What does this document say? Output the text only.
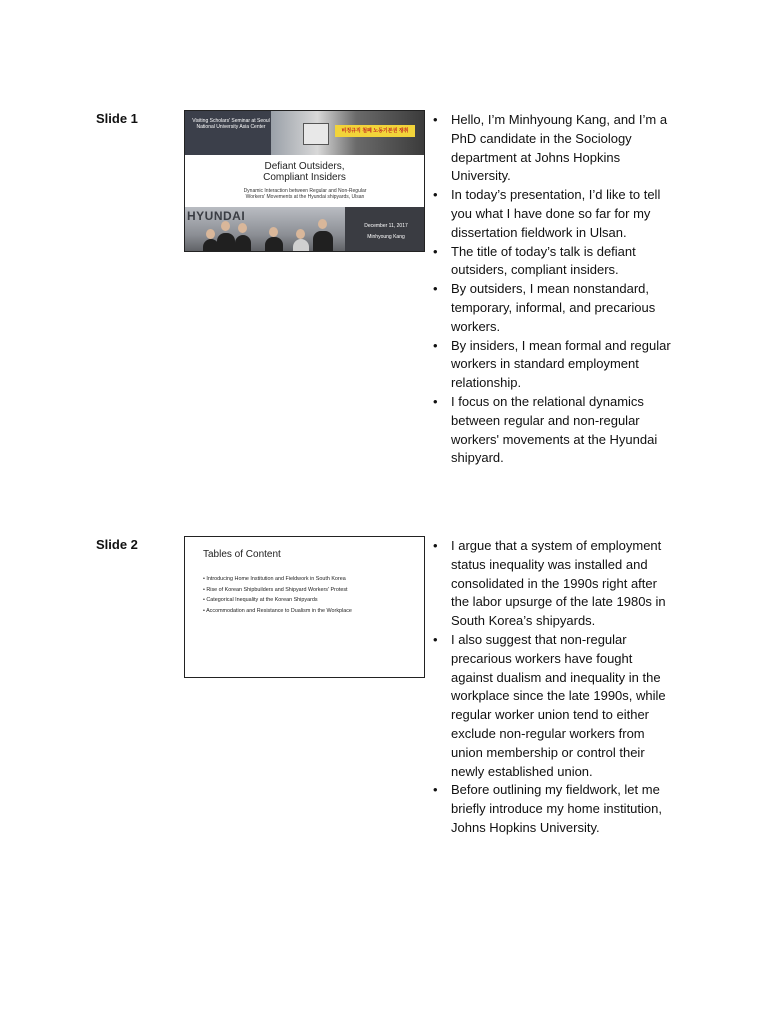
Slide 1	Visiting Scholars' Seminar at Seoul National University Asia Center
비정규직 철폐 노동기본권 쟁취
Defiant Outsiders,
Compliant Insiders
Dynamic Interaction between Regular and Non-Regular
Workers' Movements at the Hyundai shipyards, Ulsan
HYUNDAI
December 11, 2017
Minhyoung Kang
• Hello, I’m Minhyoung Kang, and I’m a PhD candidate in the Sociology department at Johns Hopkins University.
• In today’s presentation, I’d like to tell you what I have done so far for my dissertation fieldwork in Ulsan.
• The title of today’s talk is defiant outsiders, compliant insiders.
• By outsiders, I mean nonstandard, temporary, informal, and precarious workers.
• By insiders, I mean formal and regular workers in standard employment relationship.
• I focus on the relational dynamics between regular and non-regular workers' movements at the Hyundai shipyard.
Slide 2
Tables of Content
• Introducing Home Institution and Fieldwork in South Korea
• Rise of Korean Shipbuilders and Shipyard Workers' Protest
• Categorical Inequality at the Korean Shipyards
• Accommodation and Resistance to Dualism in the Workplace
• I argue that a system of employment status inequality was installed and consolidated in the 1990s right after the labor upsurge of the late 1980s in South Korea’s shipyards.
• I also suggest that non-regular precarious workers have fought against dualism and inequality in the workplace since the late 1990s, while regular worker union tend to either exclude non-regular workers from union membership or control their newly established union.
• Before outlining my fieldwork, let me briefly introduce my home institution, Johns Hopkins University.
